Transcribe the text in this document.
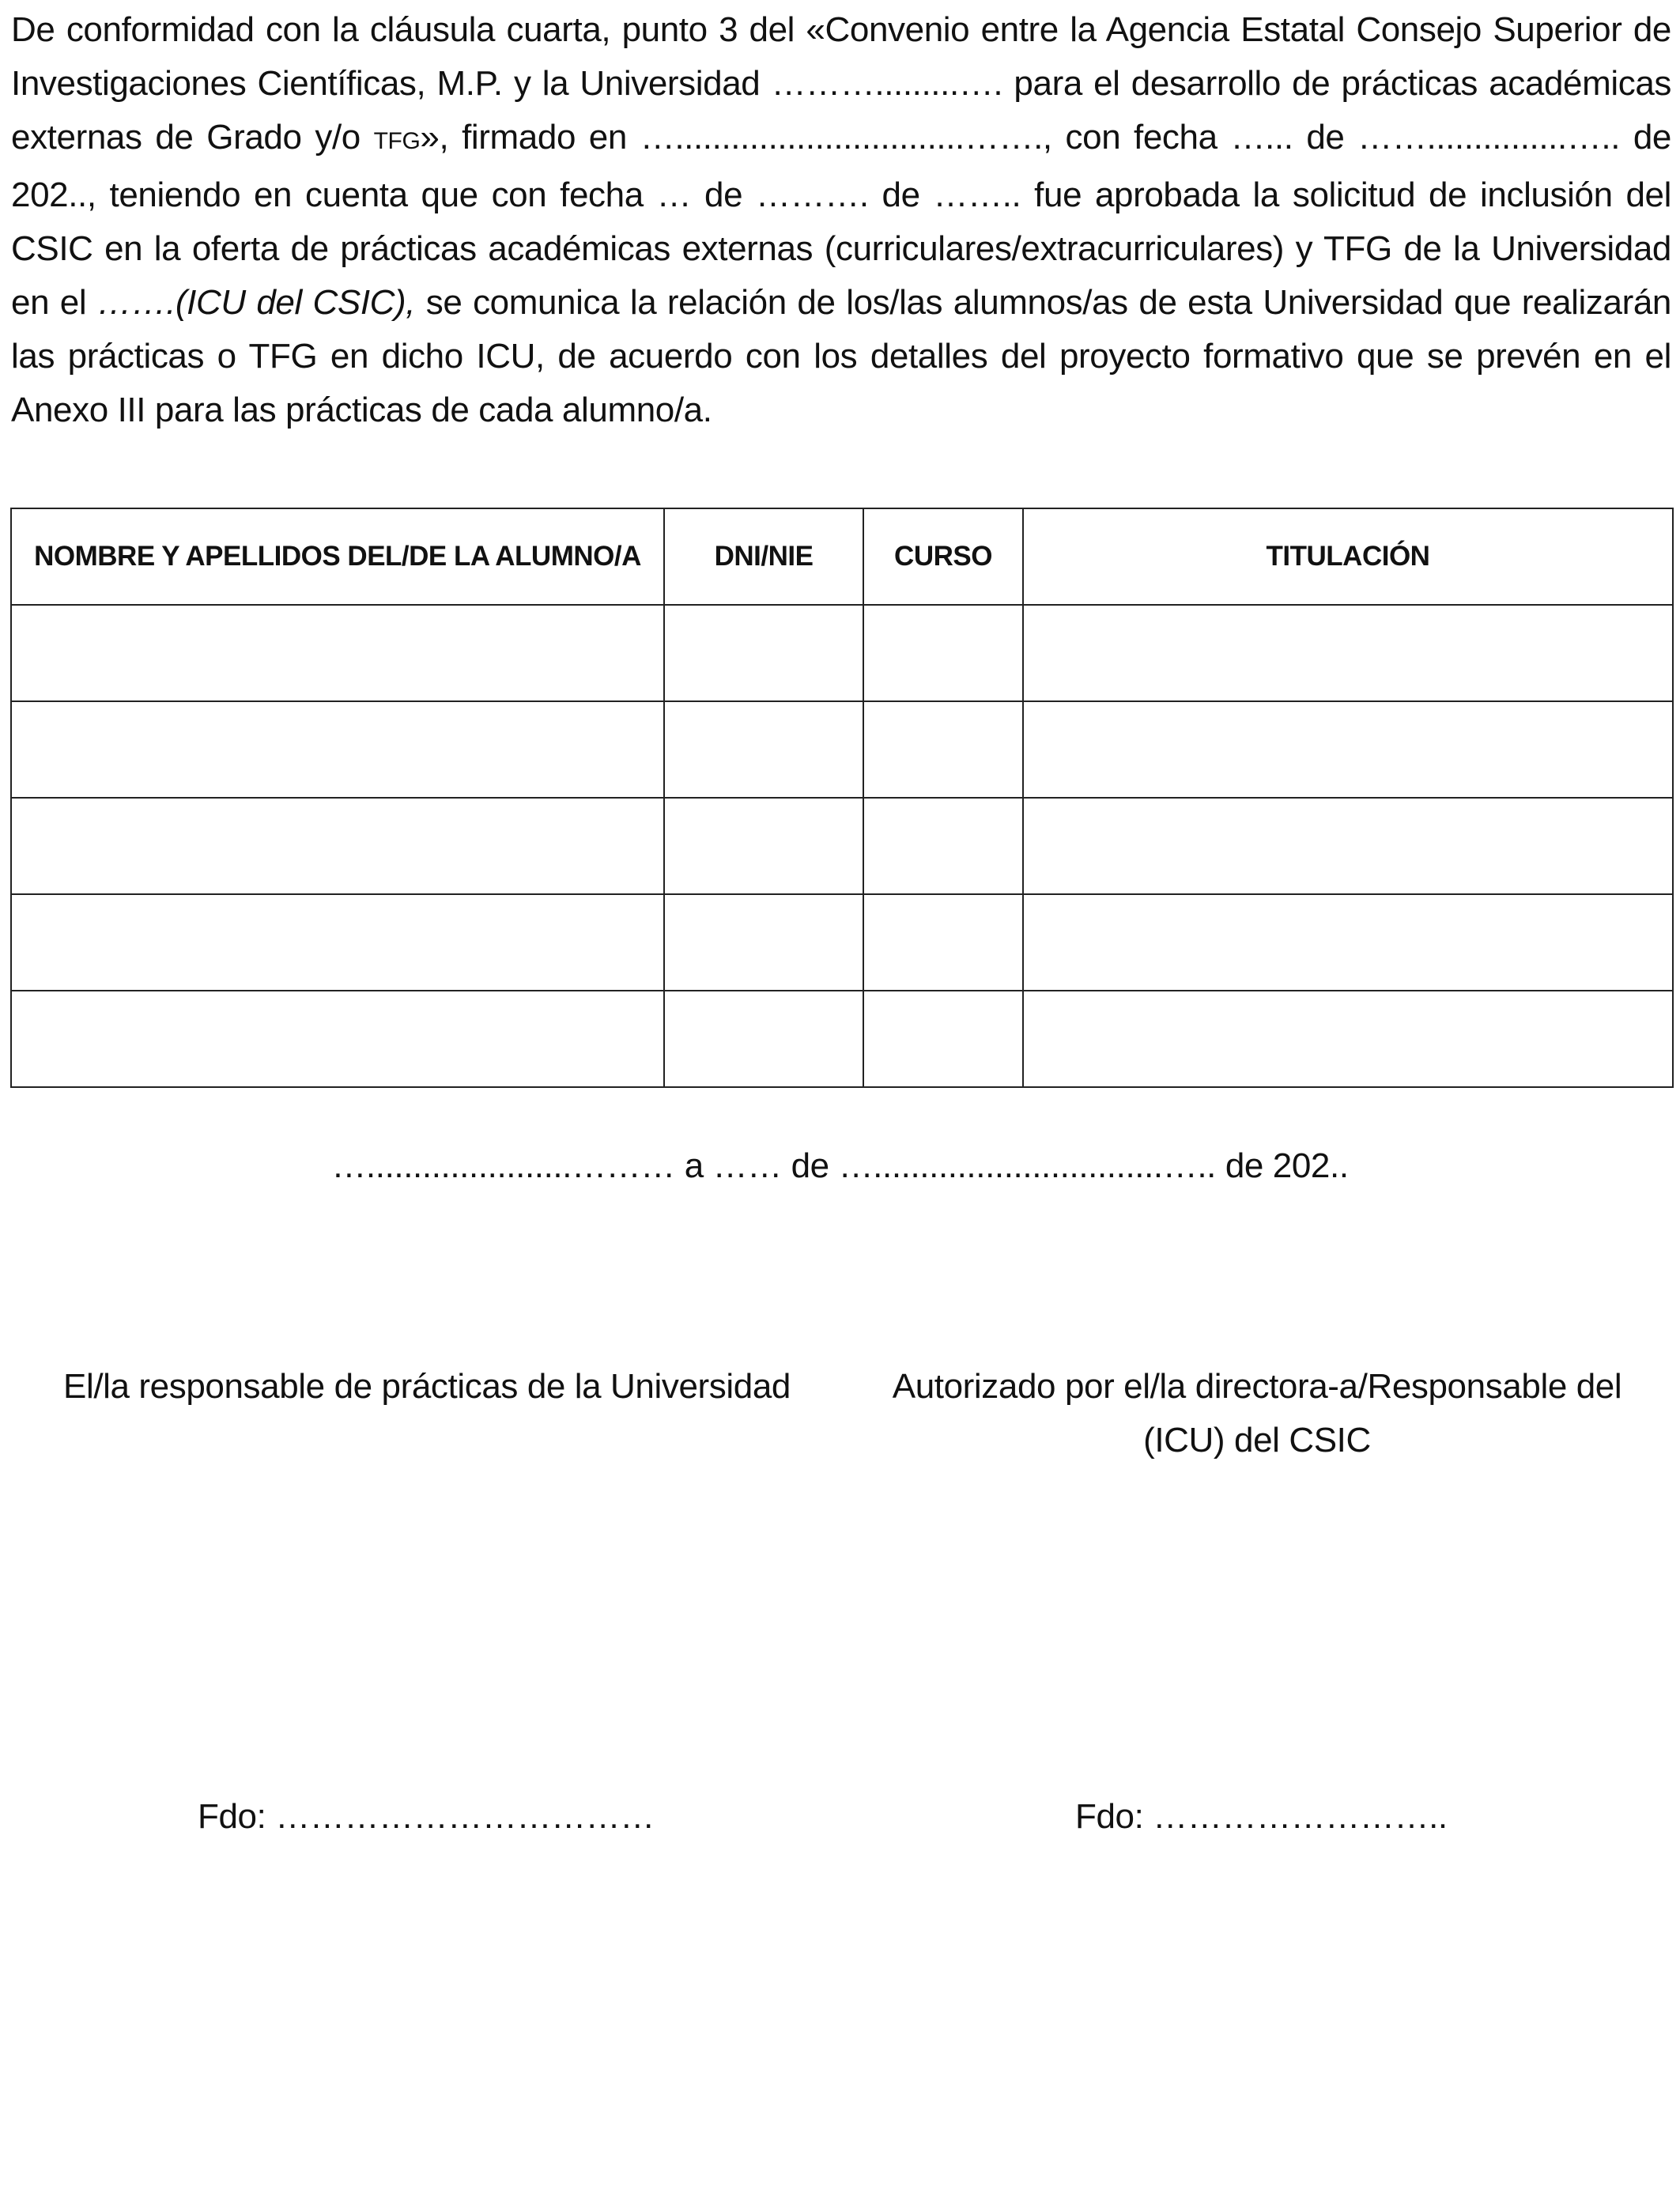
De conformidad con la cláusula cuarta, punto 3 del «Convenio entre la Agencia Estatal Consejo Superior de Investigaciones Científicas, M.P. y la Universidad ……….........…. para el desarrollo de prácticas académicas externas de Grado y/o TFG», firmado en …...............................……., con fecha …... de ……...............….. de 202.., teniendo en cuenta que con fecha … de ………. de …….. fue aprobada la solicitud de inclusión del CSIC en la oferta de prácticas académicas externas (curriculares/extracurriculares) y TFG de la Universidad en el …….(ICU del CSIC), se comunica la relación de los/las alumnos/as de esta Universidad que realizarán las prácticas o TFG en dicho ICU, de acuerdo con los detalles del proyecto formativo que se prevén en el Anexo III para las prácticas de cada alumno/a.

NOMBRE Y APELLIDOS DEL/DE LA ALUMNO/A	DNI/NIE	CURSO	TITULACIÓN

…......................……… a …… de …...............................….. de 202..
El/la responsable de prácticas de la Universidad	Autorizado por el/la directora-a/Responsable del (ICU) del CSIC
Fdo: ……………………………	Fdo: ……………………..
